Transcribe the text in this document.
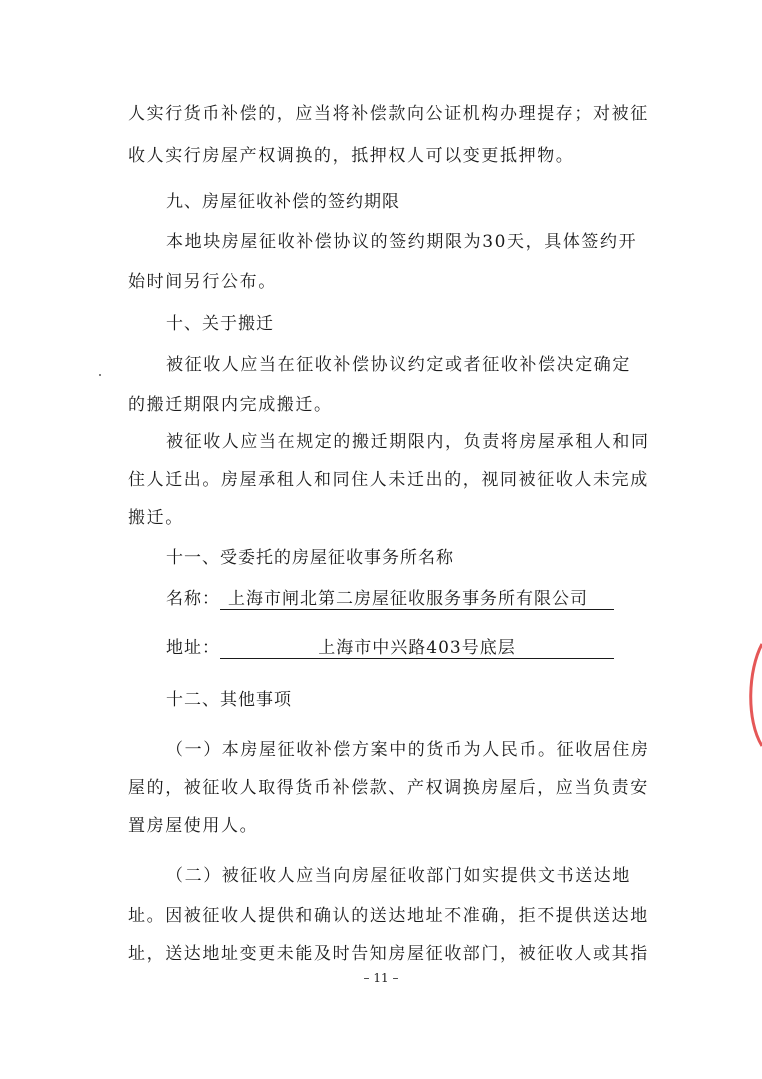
人实行货币补偿的，应当将补偿款向公证机构办理提存；对被征
收人实行房屋产权调换的，抵押权人可以变更抵押物。
九、房屋征收补偿的签约期限
本地块房屋征收补偿协议的签约期限为30天，具体签约开
始时间另行公布。
十、关于搬迁
被征收人应当在征收补偿协议约定或者征收补偿决定确定
的搬迁期限内完成搬迁。
被征收人应当在规定的搬迁期限内，负责将房屋承租人和同
住人迁出。房屋承租人和同住人未迁出的，视同被征收人未完成
搬迁。
十一、受委托的房屋征收事务所名称
名称： 上海市闸北第二房屋征收服务事务所有限公司
地址：	上海市中兴路403号底层
十二、其他事项
（一）本房屋征收补偿方案中的货币为人民币。征收居住房
屋的，被征收人取得货币补偿款、产权调换房屋后，应当负责安
置房屋使用人。
（二）被征收人应当向房屋征收部门如实提供文书送达地
址。因被征收人提供和确认的送达地址不准确，拒不提供送达地
址，送达地址变更未能及时告知房屋征收部门，被征收人或其指
– 11 –
